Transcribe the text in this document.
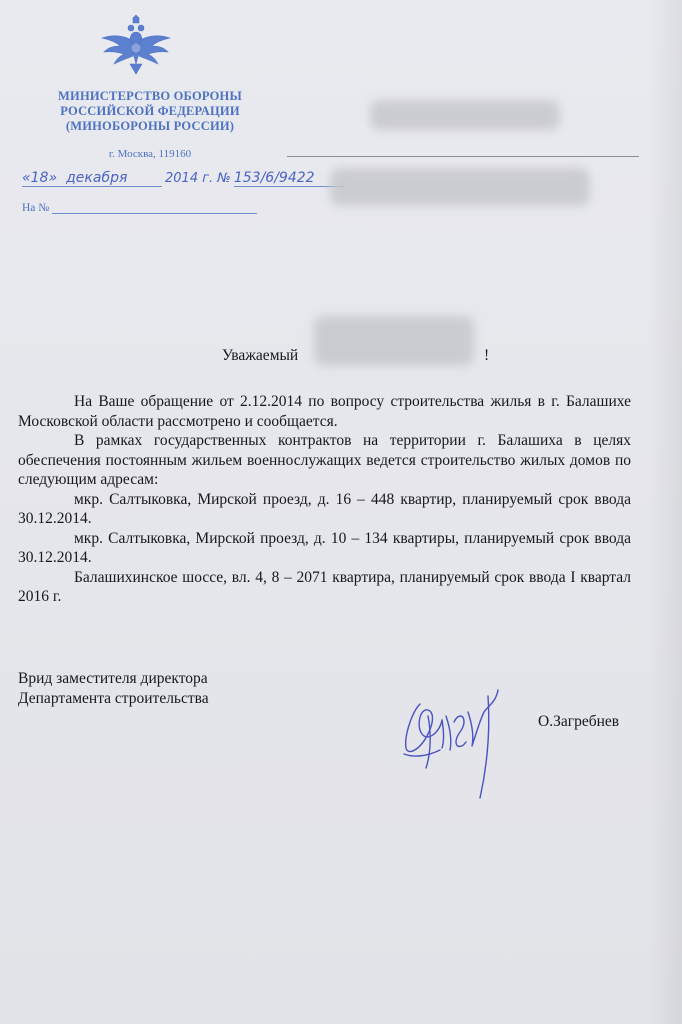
МИНИСТЕРСТВО ОБОРОНЫ
РОССИЙСКОЙ ФЕДЕРАЦИИ
(МИНОБОРОНЫ РОССИИ)
г. Москва, 119160
«18» декабря	2014 г. № 153/6/9422
На №
Уважаемый	!

На Ваше обращение от 2.12.2014 по вопросу строительства жилья в г. Балашихе Московской области рассмотрено и сообщается.

В рамках государственных контрактов на территории г. Балашиха в целях обеспечения постоянным жильем военнослужащих ведется строительство жилых домов по следующим адресам:

мкр. Салтыковка, Мирской проезд, д. 16 – 448 квартир, планируемый срок ввода 30.12.2014.

мкр. Салтыковка, Мирской проезд, д. 10 – 134 квартиры, планируемый срок ввода 30.12.2014.

Балашихинское шоссе, вл. 4, 8 – 2071 квартира, планируемый срок ввода I квартал 2016 г.

Врид заместителя директора
Департамента строительства
О.Загребнев
